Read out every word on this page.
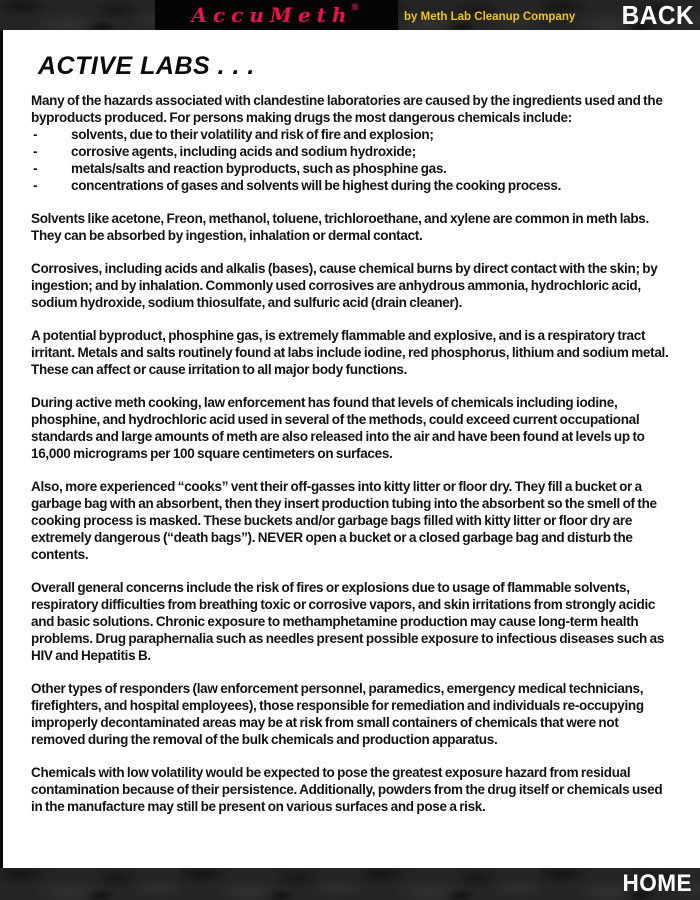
AccuMeth
®
by Meth Lab Cleanup Company BACK
ACTIVE LABS . . .

Many of the hazards associated with clandestine laboratories are caused by the ingredients used and the byproducts produced. For persons making drugs the most dangerous chemicals include:

-	solvents, due to their volatility and risk of fire and explosion;
-	corrosive agents, including acids and sodium hydroxide;
-	metals/salts and reaction byproducts, such as phosphine gas.
-	concentrations of gases and solvents will be highest during the cooking process.

Solvents like acetone, Freon, methanol, toluene, trichloroethane, and xylene are common in meth labs. They can be absorbed by ingestion, inhalation or dermal contact.

Corrosives, including acids and alkalis (bases), cause chemical burns by direct contact with the skin; by ingestion; and by inhalation. Commonly used corrosives are anhydrous ammonia, hydrochloric acid, sodium hydroxide, sodium thiosulfate, and sulfuric acid (drain cleaner).

A potential byproduct, phosphine gas, is extremely flammable and explosive, and is a respiratory tract irritant. Metals and salts routinely found at labs include iodine, red phosphorus, lithium and sodium metal. These can affect or cause irritation to all major body functions.

During active meth cooking, law enforcement has found that levels of chemicals including iodine, phosphine, and hydrochloric acid used in several of the methods, could exceed current occupational standards and large amounts of meth are also released into the air and have been found at levels up to 16,000 micrograms per 100 square centimeters on surfaces.

Also, more experienced “cooks” vent their off-gasses into kitty litter or floor dry. They fill a bucket or a garbage bag with an absorbent, then they insert production tubing into the absorbent so the smell of the cooking process is masked. These buckets and/or garbage bags filled with kitty litter or floor dry are extremely dangerous (“death bags”). NEVER open a bucket or a closed garbage bag and disturb the contents.

Overall general concerns include the risk of fires or explosions due to usage of flammable solvents, respiratory difficulties from breathing toxic or corrosive vapors, and skin irritations from strongly acidic and basic solutions. Chronic exposure to methamphetamine production may cause long-term health problems. Drug paraphernalia such as needles present possible exposure to infectious diseases such as HIV and Hepatitis B.

Other types of responders (law enforcement personnel, paramedics, emergency medical technicians, firefighters, and hospital employees), those responsible for remediation and individuals re-occupying improperly decontaminated areas may be at risk from small containers of chemicals that were not removed during the removal of the bulk chemicals and production apparatus.

Chemicals with low volatility would be expected to pose the greatest exposure hazard from residual contamination because of their persistence. Additionally, powders from the drug itself or chemicals used in the manufacture may still be present on various surfaces and pose a risk.

HOME
